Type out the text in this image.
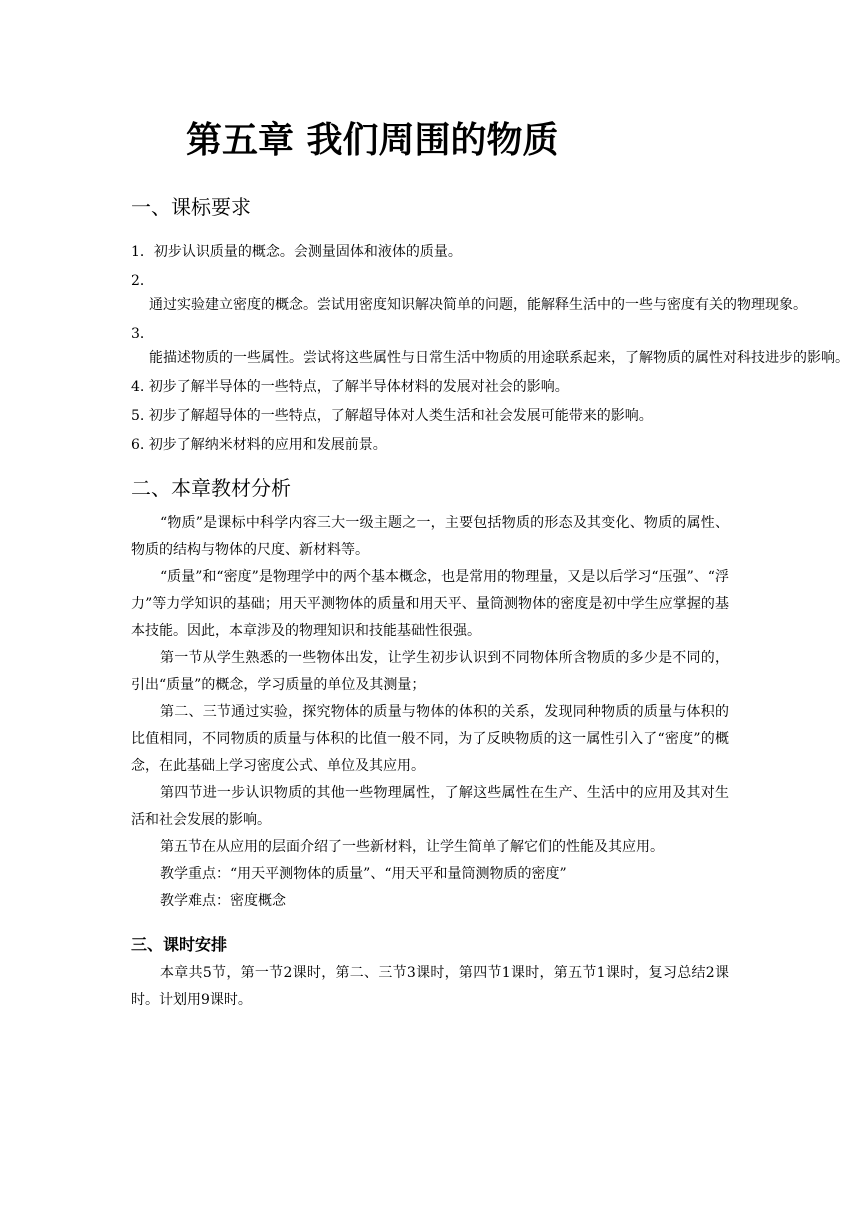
第五章 我们周围的物质
一、课标要求
1．初步认识质量的概念。会测量固体和液体的质量。
2．通过实验建立密度的概念。尝试用密度知识解决简单的问题，能解释生活中的一些与密度有关的物理现象。
3．能描述物质的一些属性。尝试将这些属性与日常生活中物质的用途联系起来，了解物质的属性对科技进步的影响。
4. 初步了解半导体的一些特点，了解半导体材料的发展对社会的影响。
5. 初步了解超导体的一些特点，了解超导体对人类生活和社会发展可能带来的影响。
6. 初步了解纳米材料的应用和发展前景。
二、本章教材分析

“物质”是课标中科学内容三大一级主题之一，主要包括物质的形态及其变化、物质的属性、物质的结构与物体的尺度、新材料等。

“质量”和“密度”是物理学中的两个基本概念，也是常用的物理量，又是以后学习“压强”、“浮力”等力学知识的基础；用天平测物体的质量和用天平、量筒测物体的密度是初中学生应掌握的基本技能。因此，本章涉及的物理知识和技能基础性很强。

第一节从学生熟悉的一些物体出发，让学生初步认识到不同物体所含物质的多少是不同的，引出“质量”的概念，学习质量的单位及其测量；

第二、三节通过实验，探究物体的质量与物体的体积的关系，发现同种物质的质量与体积的比值相同，不同物质的质量与体积的比值一般不同，为了反映物质的这一属性引入了“密度”的概念，在此基础上学习密度公式、单位及其应用。

第四节进一步认识物质的其他一些物理属性，了解这些属性在生产、生活中的应用及其对生活和社会发展的影响。

第五节在从应用的层面介绍了一些新材料，让学生简单了解它们的性能及其应用。

教学重点：“用天平测物体的质量”、“用天平和量筒测物质的密度”

教学难点：密度概念

三、课时安排

本章共5节，第一节2课时，第二、三节3课时，第四节1课时，第五节1课时，复习总结2课时。计划用9课时。
